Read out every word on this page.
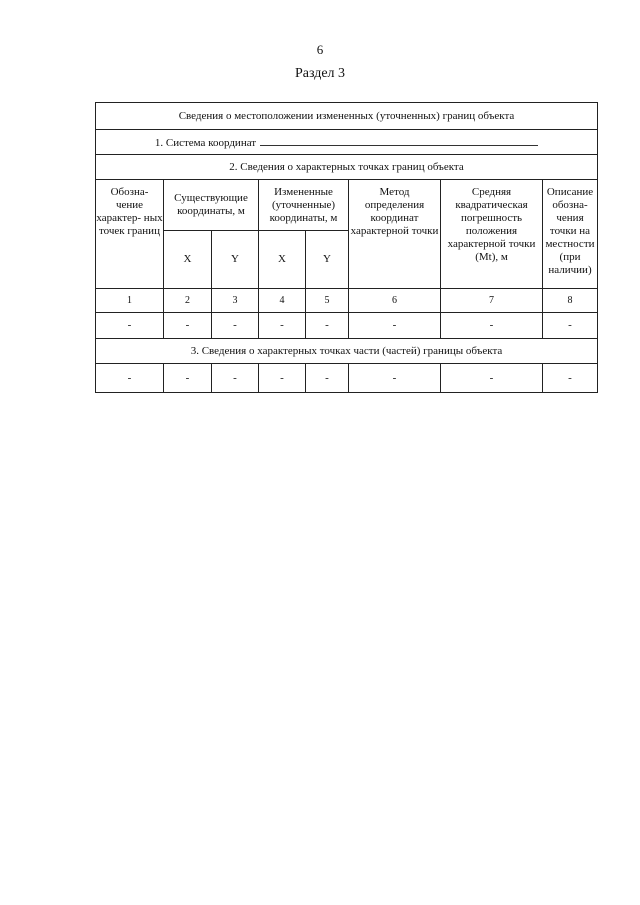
6
Раздел 3
Сведения о местоположении измененных (уточненных) границ объекта							
1. Система координат							
2. Сведения о характерных точках границ объекта							
Обозна- чение характер- ных точек границ	Существующие координаты, м		Измененные (уточненные) координаты, м		Метод определения координат характерной точки	Средняя квадратическая погрешность положения характерной точки (Mt), м	Описание обозна- чения точки на местности (при наличии)
	X	Y	X	Y			
1	2	3	4	5	6	7	8
-	-	-	-	-	-	-	-
3. Сведения о характерных точках части (частей) границы объекта							
-	-	-	-	-	-	-	-
